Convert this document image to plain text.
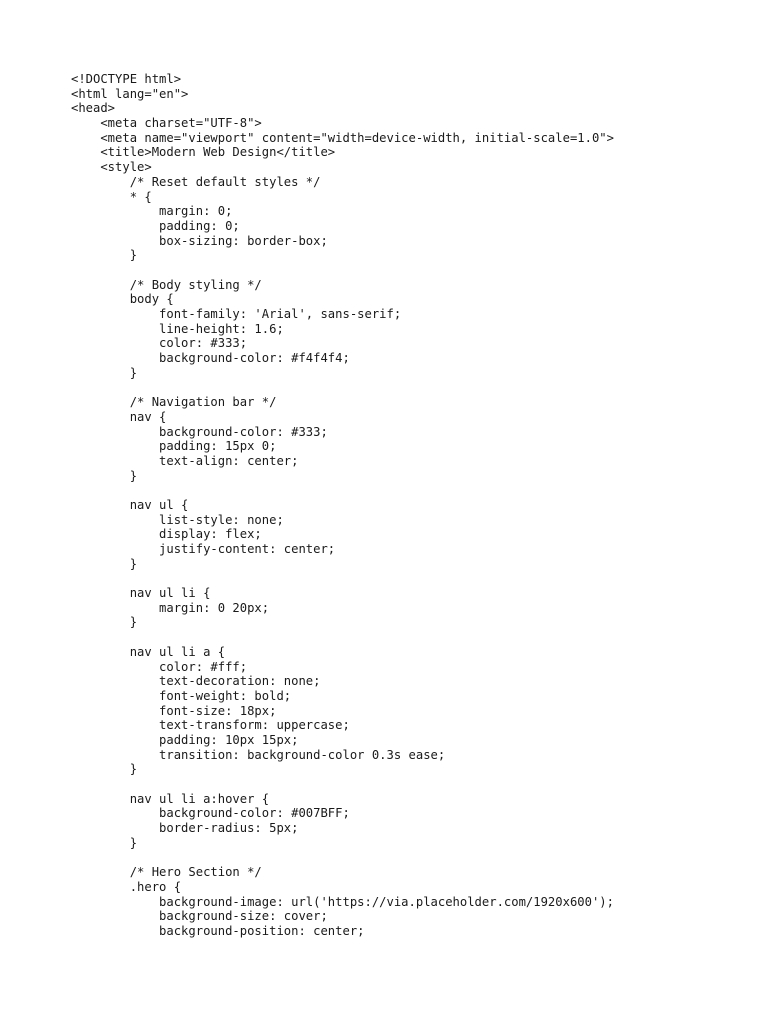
<!DOCTYPE html>
<html lang="en">
<head>
<meta charset="UTF-8">
<meta name="viewport" content="width=device-width, initial-scale=1.0">
<title>Modern Web Design</title>
<style>
/* Reset default styles */
* {
margin: 0;
padding: 0;
box-sizing: border-box;
}
/* Body styling */
body {
font-family: 'Arial', sans-serif;
line-height: 1.6;
color: #333;
background-color: #f4f4f4;
}
/* Navigation bar */
nav {
background-color: #333;
padding: 15px 0;
text-align: center;
}
nav ul {
list-style: none;
display: flex;
justify-content: center;
}
nav ul li {
margin: 0 20px;
}
nav ul li a {
color: #fff;
text-decoration: none;
font-weight: bold;
font-size: 18px;
text-transform: uppercase;
padding: 10px 15px;
transition: background-color 0.3s ease;
}
nav ul li a:hover {
background-color: #007BFF;
border-radius: 5px;
}
/* Hero Section */
.hero {
background-image: url('https://via.placeholder.com/1920x600');
background-size: cover;
background-position: center;
